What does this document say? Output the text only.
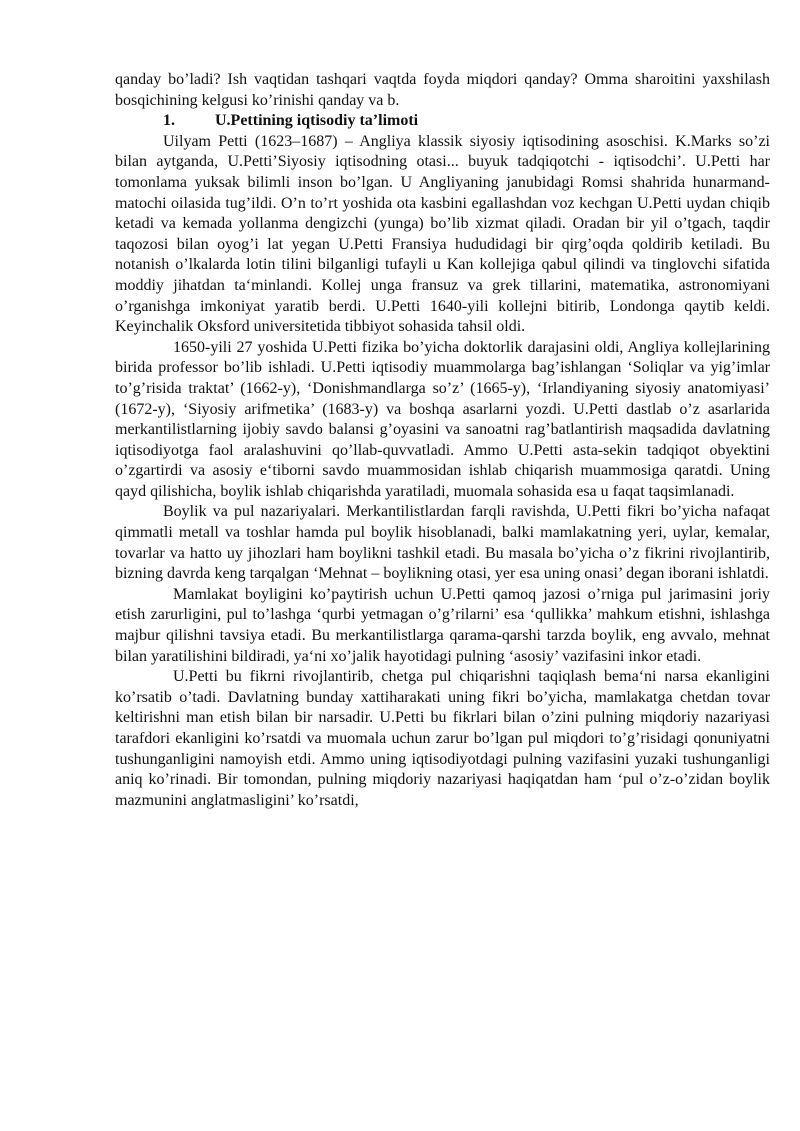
qanday bo’ladi? Ish vaqtidan tashqari vaqtda foyda miqdori qanday? Omma sharoitini yaxshilash bosqichining kelgusi ko’rinishi qanday va b.

1.	U.Pettining iqtisodiy ta’limoti

Uilyam Petti (1623–1687) – Angliya klassik siyosiy iqtisodining asoschisi. K.Marks so’zi bilan aytganda, U.Petti’Siyosiy iqtisodning otasi... buyuk tadqiqotchi - iqtisodchi’. U.Petti har tomonlama yuksak bilimli inson bo’lgan. U Angliyaning janubidagi Romsi shahrida hunarmand-matochi oilasida tug’ildi. O’n to’rt yoshida ota kasbini egallashdan voz kechgan U.Petti uydan chiqib ketadi va kemada yollanma dengizchi (yunga) bo’lib xizmat qiladi. Oradan bir yil o’tgach, taqdir taqozosi bilan oyog’i lat yegan U.Petti Fransiya hududidagi bir qirg’oqda qoldirib ketiladi. Bu notanish o’lkalarda lotin tilini bilganligi tufayli u Kan kollejiga qabul qilindi va tinglovchi sifatida moddiy jihatdan ta‘minlandi. Kollej unga fransuz va grek tillarini, matematika, astronomiyani o’rganishga imkoniyat yaratib berdi. U.Petti 1640-yili kollejni bitirib, Londonga qaytib keldi. Keyinchalik Oksford universitetida tibbiyot sohasida tahsil oldi.

1650-yili 27 yoshida U.Petti fizika bo’yicha doktorlik darajasini oldi, Angliya kollejlarining birida professor bo’lib ishladi. U.Petti iqtisodiy muammolarga bag’ishlangan ‘Soliqlar va yig’imlar to’g’risida traktat’ (1662-y), ‘Donishmandlarga so’z’ (1665-y), ‘Irlandiyaning siyosiy anatomiyasi’ (1672-y), ‘Siyosiy arifmetika’ (1683-y) va boshqa asarlarni yozdi. U.Petti dastlab o’z asarlarida merkantilistlarning ijobiy savdo balansi g’oyasini va sanoatni rag’batlantirish maqsadida davlatning iqtisodiyotga faol aralashuvini qo’llab-quvvatladi. Ammo U.Petti asta-sekin tadqiqot obyektini o’zgartirdi va asosiy e‘tiborni savdo muammosidan ishlab chiqarish muammosiga qaratdi. Uning qayd qilishicha, boylik ishlab chiqarishda yaratiladi, muomala sohasida esa u faqat taqsimlanadi.

Boylik va pul nazariyalari. Merkantilistlardan farqli ravishda, U.Petti fikri bo’yicha nafaqat qimmatli metall va toshlar hamda pul boylik hisoblanadi, balki mamlakatning yeri, uylar, kemalar, tovarlar va hatto uy jihozlari ham boylikni tashkil etadi. Bu masala bo’yicha o’z fikrini rivojlantirib, bizning davrda keng tarqalgan ‘Mehnat – boylikning otasi, yer esa uning onasi’ degan iborani ishlatdi.

Mamlakat boyligini ko’paytirish uchun U.Petti qamoq jazosi o’rniga pul jarimasini joriy etish zarurligini, pul to’lashga ‘qurbi yetmagan o’g’rilarni’ esa ‘qullikka’ mahkum etishni, ishlashga majbur qilishni tavsiya etadi. Bu merkantilistlarga qarama-qarshi tarzda boylik, eng avvalo, mehnat bilan yaratilishini bildiradi, ya‘ni xo’jalik hayotidagi pulning ‘asosiy’ vazifasini inkor etadi.

U.Petti bu fikrni rivojlantirib, chetga pul chiqarishni taqiqlash bema‘ni narsa ekanligini ko’rsatib o’tadi. Davlatning bunday xattiharakati uning fikri bo’yicha, mamlakatga chetdan tovar keltirishni man etish bilan bir narsadir. U.Petti bu fikrlari bilan o’zini pulning miqdoriy nazariyasi tarafdori ekanligini ko’rsatdi va muomala uchun zarur bo’lgan pul miqdori to’g’risidagi qonuniyatni tushunganligini namoyish etdi. Ammo uning iqtisodiyotdagi pulning vazifasini yuzaki tushunganligi aniq ko’rinadi. Bir tomondan, pulning miqdoriy nazariyasi haqiqatdan ham ‘pul o’z-o’zidan boylik mazmunini anglatmasligini’ ko’rsatdi,
